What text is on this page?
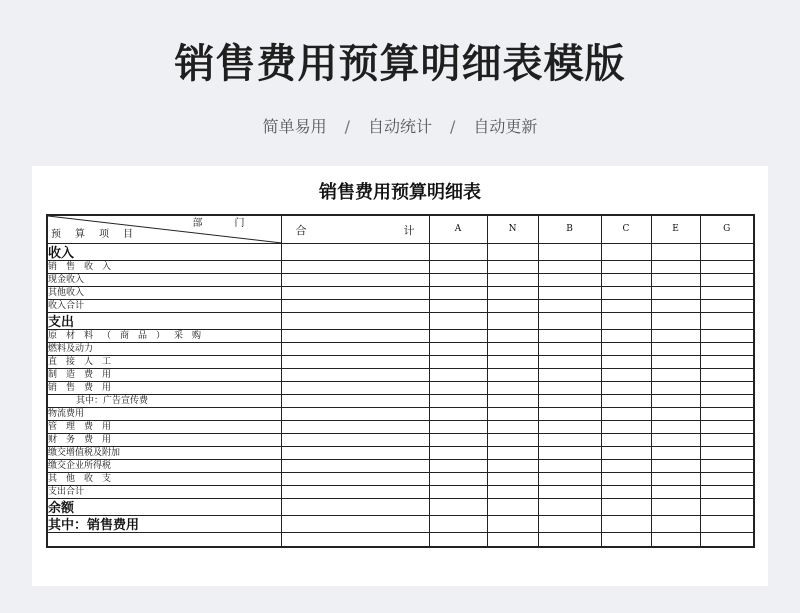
销售费用预算明细表模版
简单易用 / 自动统计 / 自动更新
销售费用预算明细表
部门
预算项目	合 计	A	N	B	C	E	G
收入							
销售收入							
现金收入							
其他收入							
收入合计							
支出							
原材料（商品）采购							
燃料及动力							
直接人工							
制造费用							
销售费用							
其中：广告宣传费							
物流费用							
管理费用							
财务费用							
缴交增值税及附加							
缴交企业所得税							
其他收支							
支出合计							
余额							
其中：销售费用							
